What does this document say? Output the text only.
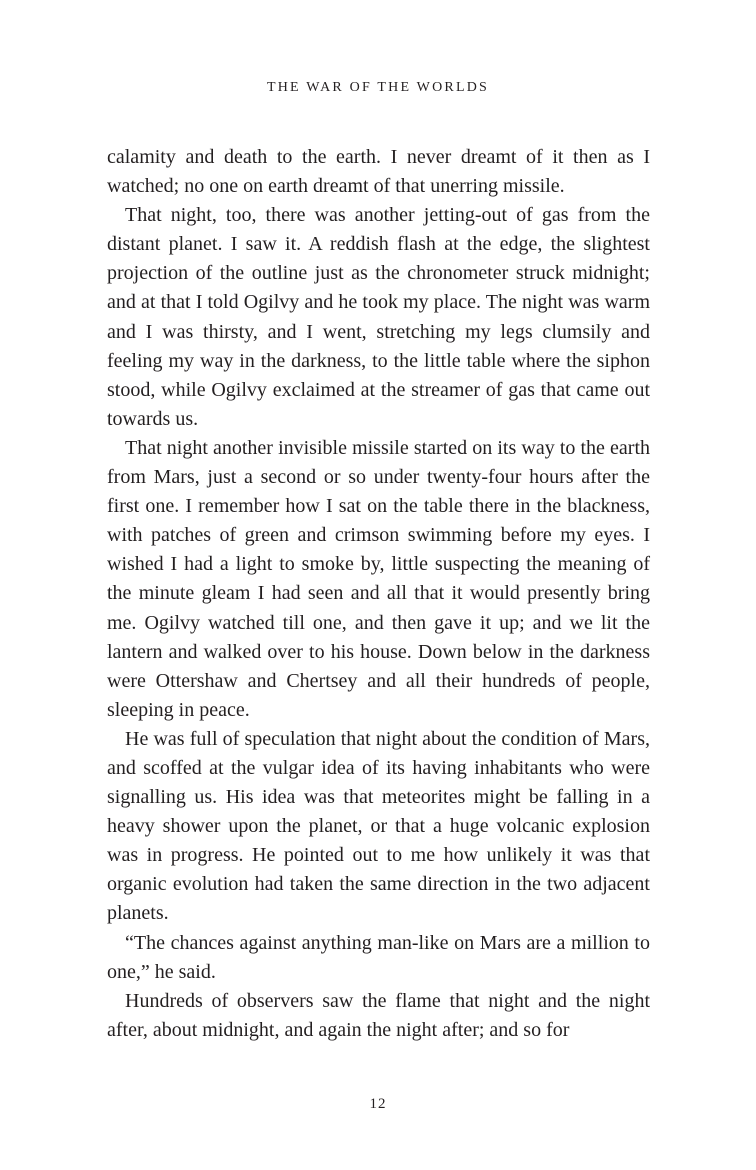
THE WAR OF THE WORLDS

calamity and death to the earth. I never dreamt of it then as I watched; no one on earth dreamt of that unerring missile.

That night, too, there was another jetting-out of gas from the distant planet. I saw it. A reddish flash at the edge, the slightest projection of the outline just as the chronometer struck midnight; and at that I told Ogilvy and he took my place. The night was warm and I was thirsty, and I went, stretching my legs clumsily and feeling my way in the darkness, to the little table where the siphon stood, while Ogilvy exclaimed at the streamer of gas that came out towards us.

That night another invisible missile started on its way to the earth from Mars, just a second or so under twenty-four hours after the first one. I remember how I sat on the table there in the blackness, with patches of green and crimson swimming before my eyes. I wished I had a light to smoke by, little suspecting the meaning of the minute gleam I had seen and all that it would presently bring me. Ogilvy watched till one, and then gave it up; and we lit the lantern and walked over to his house. Down below in the darkness were Ottershaw and Chertsey and all their hundreds of people, sleeping in peace.

He was full of speculation that night about the condition of Mars, and scoffed at the vulgar idea of its having inhabitants who were signalling us. His idea was that meteorites might be falling in a heavy shower upon the planet, or that a huge volcanic explosion was in progress. He pointed out to me how unlikely it was that organic evolution had taken the same direction in the two adjacent planets.

“The chances against anything man-like on Mars are a million to one,” he said.

Hundreds of observers saw the flame that night and the night after, about midnight, and again the night after; and so for

12
